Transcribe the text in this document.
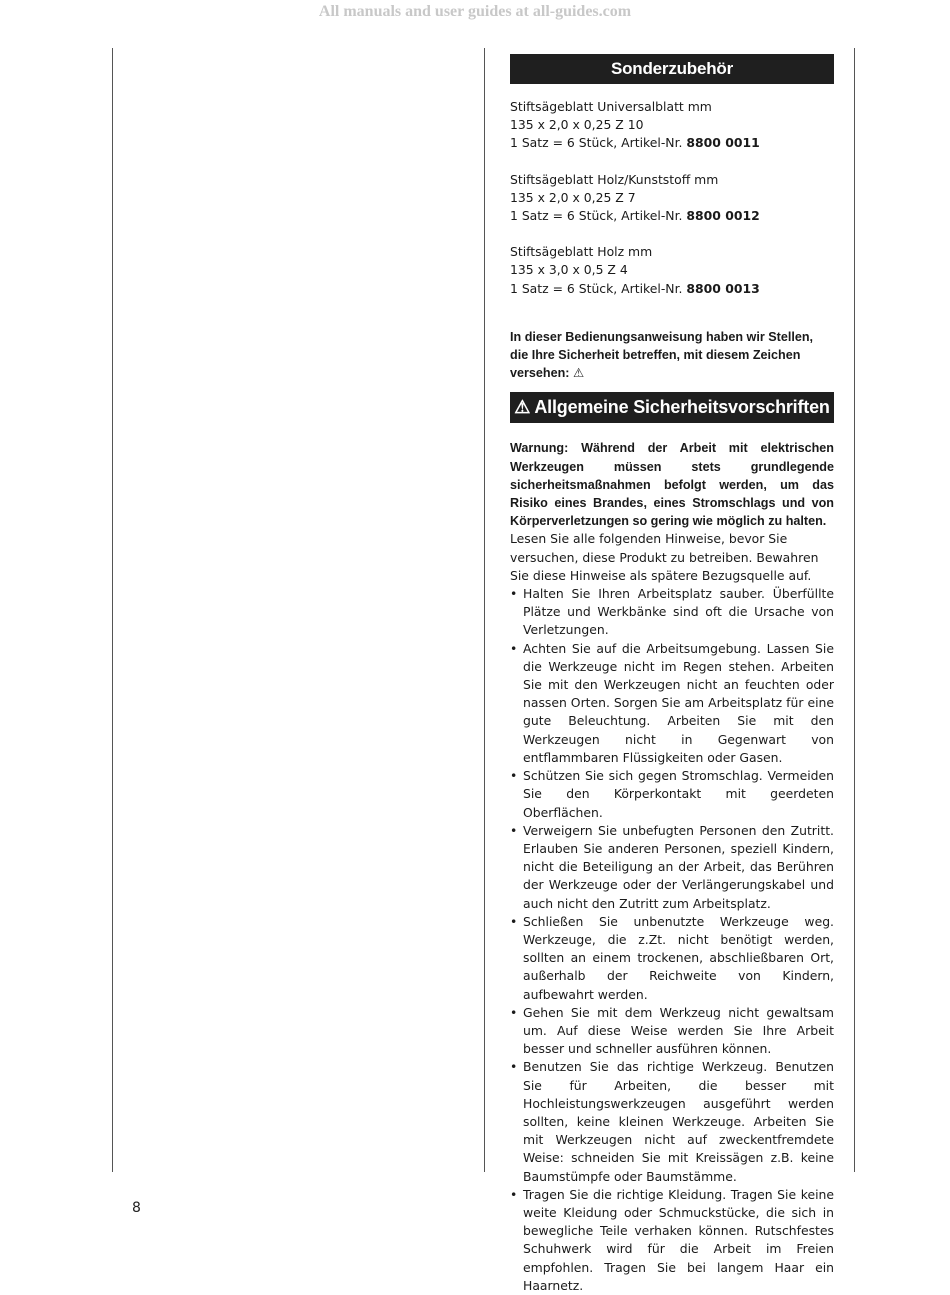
All manuals and user guides at all-guides.com
Sonderzubehör
Stiftsägeblatt Universalblatt mm
135 x 2,0 x 0,25 Z 10
1 Satz = 6 Stück, Artikel-Nr. 8800 0011
Stiftsägeblatt Holz/Kunststoff mm
135 x 2,0 x 0,25 Z 7
1 Satz = 6 Stück, Artikel-Nr. 8800 0012
Stiftsägeblatt Holz mm
135 x 3,0 x 0,5 Z 4
1 Satz = 6 Stück, Artikel-Nr. 8800 0013
In dieser Bedienungsanweisung haben wir Stellen, die Ihre Sicherheit betreffen, mit diesem Zeichen versehen: ⚠
⚠ Allgemeine Sicherheitsvorschriften
Warnung: Während der Arbeit mit elektrischen Werkzeugen müssen stets grundlegende sicherheitsmaßnahmen befolgt werden, um das Risiko eines Brandes, eines Stromschlags und von Körperverletzungen so gering wie möglich zu halten.
Lesen Sie alle folgenden Hinweise, bevor Sie versuchen, diese Produkt zu betreiben. Bewahren Sie diese Hinweise als spätere Bezugsquelle auf.
• Halten Sie Ihren Arbeitsplatz sauber. Überfüllte Plätze und Werkbänke sind oft die Ursache von Verletzungen.
• Achten Sie auf die Arbeitsumgebung. Lassen Sie die Werkzeuge nicht im Regen stehen. Arbeiten Sie mit den Werkzeugen nicht an feuchten oder nassen Orten. Sorgen Sie am Arbeitsplatz für eine gute Beleuchtung. Arbeiten Sie mit den Werkzeugen nicht in Gegenwart von entflammbaren Flüssigkeiten oder Gasen.
• Schützen Sie sich gegen Stromschlag. Vermeiden Sie den Körperkontakt mit geerdeten Oberflächen.
• Verweigern Sie unbefugten Personen den Zutritt. Erlauben Sie anderen Personen, speziell Kindern, nicht die Beteiligung an der Arbeit, das Berühren der Werkzeuge oder der Verlängerungskabel und auch nicht den Zutritt zum Arbeitsplatz.
• Schließen Sie unbenutzte Werkzeuge weg. Werkzeuge, die z.Zt. nicht benötigt werden, sollten an einem trockenen, abschließbaren Ort, außerhalb der Reichweite von Kindern, aufbewahrt werden.
• Gehen Sie mit dem Werkzeug nicht gewaltsam um. Auf diese Weise werden Sie Ihre Arbeit besser und schneller ausführen können.
• Benutzen Sie das richtige Werkzeug. Benutzen Sie für Arbeiten, die besser mit Hochleistungswerkzeugen ausgeführt werden sollten, keine kleinen Werkzeuge. Arbeiten Sie mit Werkzeugen nicht auf zweckentfremdete Weise: schneiden Sie mit Kreissägen z.B. keine Baumstümpfe oder Baumstämme.
• Tragen Sie die richtige Kleidung. Tragen Sie keine weite Kleidung oder Schmuckstücke, die sich in bewegliche Teile verhaken können. Rutschfestes Schuhwerk wird für die Arbeit im Freien empfohlen. Tragen Sie bei langem Haar ein Haarnetz.
8
